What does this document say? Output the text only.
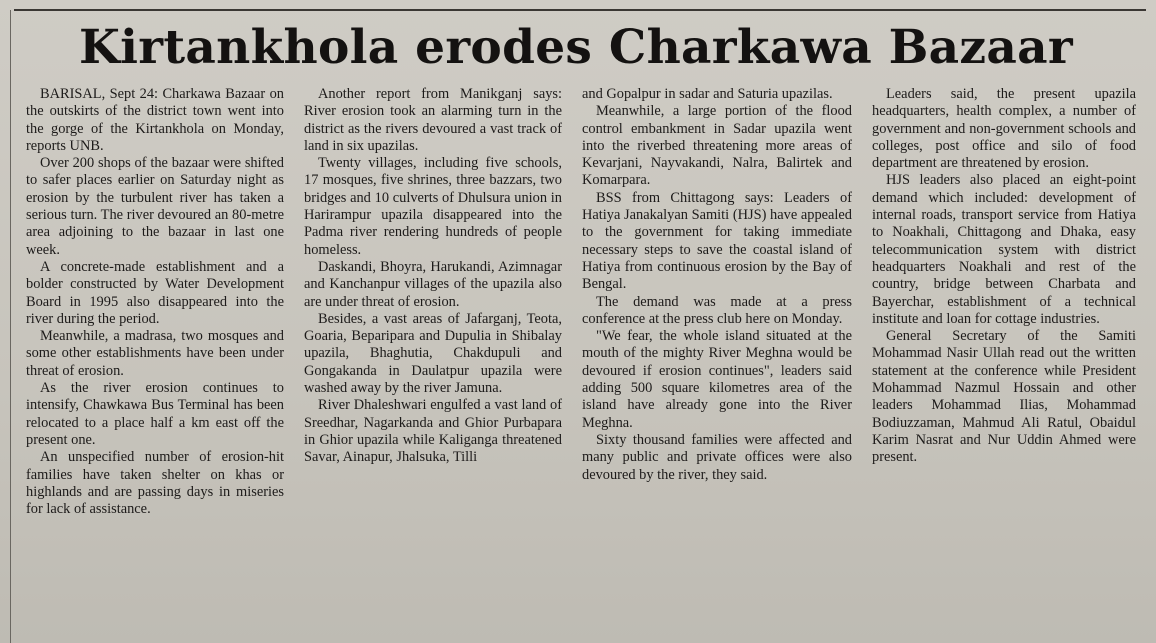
Kirtankhola erodes Charkawa Bazaar

BARISAL, Sept 24: Charkawa Bazaar on the outskirts of the district town went into the gorge of the Kirtankhola on Monday, reports UNB.

Over 200 shops of the bazaar were shifted to safer places earlier on Saturday night as erosion by the turbulent river has taken a serious turn. The river devoured an 80-metre area adjoining to the bazaar in last one week.

A concrete-made establishment and a bolder constructed by Water Development Board in 1995 also disappeared into the river during the period.

Meanwhile, a madrasa, two mosques and some other establishments have been under threat of erosion.

As the river erosion continues to intensify, Chawkawa Bus Terminal has been relocated to a place half a km east off the present one.

An unspecified number of erosion-hit families have taken shelter on khas or highlands and are passing days in miseries for lack of assistance.

Another report from Manikganj says: River erosion took an alarming turn in the district as the rivers devoured a vast track of land in six upazilas.

Twenty villages, including five schools, 17 mosques, five shrines, three bazzars, two bridges and 10 culverts of Dhulsura union in Harirampur upazila disappeared into the Padma river rendering hundreds of people homeless.

Daskandi, Bhoyra, Harukandi, Azimnagar and Kanchanpur villages of the upazila also are under threat of erosion.

Besides, a vast areas of Jafarganj, Teota, Goaria, Beparipara and Dupulia in Shibalay upazila, Bhaghutia, Chakdupuli and Gongakanda in Daulatpur upazila were washed away by the river Jamuna.

River Dhaleshwari engulfed a vast land of Sreedhar, Nagarkanda and Ghior Purbapara in Ghior upazila while Kaliganga threatened Savar, Ainapur, Jhalsuka, Tilli

and Gopalpur in sadar and Saturia upazilas.

Meanwhile, a large portion of the flood control embankment in Sadar upazila went into the riverbed threatening more areas of Kevarjani, Nayvakandi, Nalra, Balirtek and Komarpara.

BSS from Chittagong says: Leaders of Hatiya Janakalyan Samiti (HJS) have appealed to the government for taking immediate necessary steps to save the coastal island of Hatiya from continuous erosion by the Bay of Bengal.

The demand was made at a press conference at the press club here on Monday.

"We fear, the whole island situated at the mouth of the mighty River Meghna would be devoured if erosion continues", leaders said adding 500 square kilometres area of the island have already gone into the River Meghna.

Sixty thousand families were affected and many public and private offices were also devoured by the river, they said.

Leaders said, the present upazila headquarters, health complex, a number of government and non-government schools and colleges, post office and silo of food department are threatened by erosion.

HJS leaders also placed an eight-point demand which included: development of internal roads, transport service from Hatiya to Noakhali, Chittagong and Dhaka, easy telecommunication system with district headquarters Noakhali and rest of the country, bridge between Charbata and Bayerchar, establishment of a technical institute and loan for cottage industries.

General Secretary of the Samiti Mohammad Nasir Ullah read out the written statement at the conference while President Mohammad Nazmul Hossain and other leaders Mohammad Ilias, Mohammad Bodiuzzaman, Mahmud Ali Ratul, Obaidul Karim Nasrat and Nur Uddin Ahmed were present.
